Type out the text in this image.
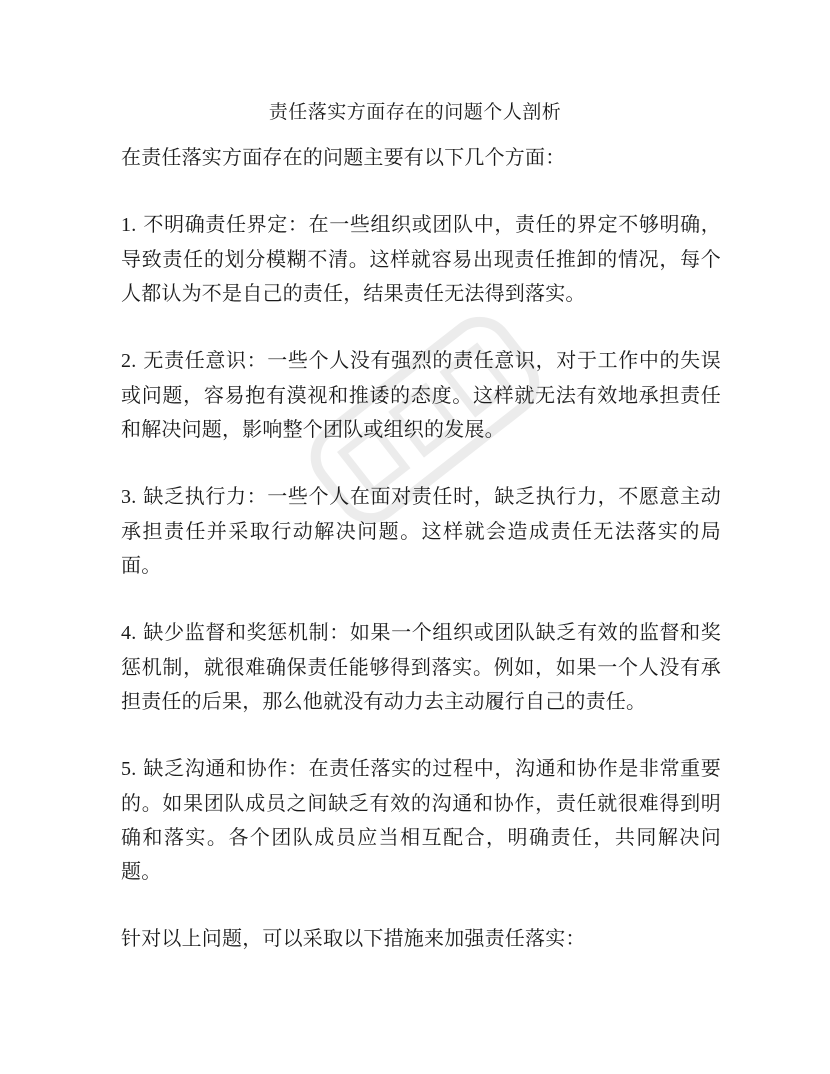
责任落实方面存在的问题个人剖析

在责任落实方面存在的问题主要有以下几个方面：

1. 不明确责任界定：在一些组织或团队中，责任的界定不够明确，导致责任的划分模糊不清。这样就容易出现责任推卸的情况，每个人都认为不是自己的责任，结果责任无法得到落实。

2. 无责任意识：一些个人没有强烈的责任意识，对于工作中的失误或问题，容易抱有漠视和推诿的态度。这样就无法有效地承担责任和解决问题，影响整个团队或组织的发展。

3. 缺乏执行力：一些个人在面对责任时，缺乏执行力，不愿意主动承担责任并采取行动解决问题。这样就会造成责任无法落实的局面。

4. 缺少监督和奖惩机制：如果一个组织或团队缺乏有效的监督和奖惩机制，就很难确保责任能够得到落实。例如，如果一个人没有承担责任的后果，那么他就没有动力去主动履行自己的责任。

5. 缺乏沟通和协作：在责任落实的过程中，沟通和协作是非常重要的。如果团队成员之间缺乏有效的沟通和协作，责任就很难得到明确和落实。各个团队成员应当相互配合，明确责任，共同解决问题。

针对以上问题，可以采取以下措施来加强责任落实：
